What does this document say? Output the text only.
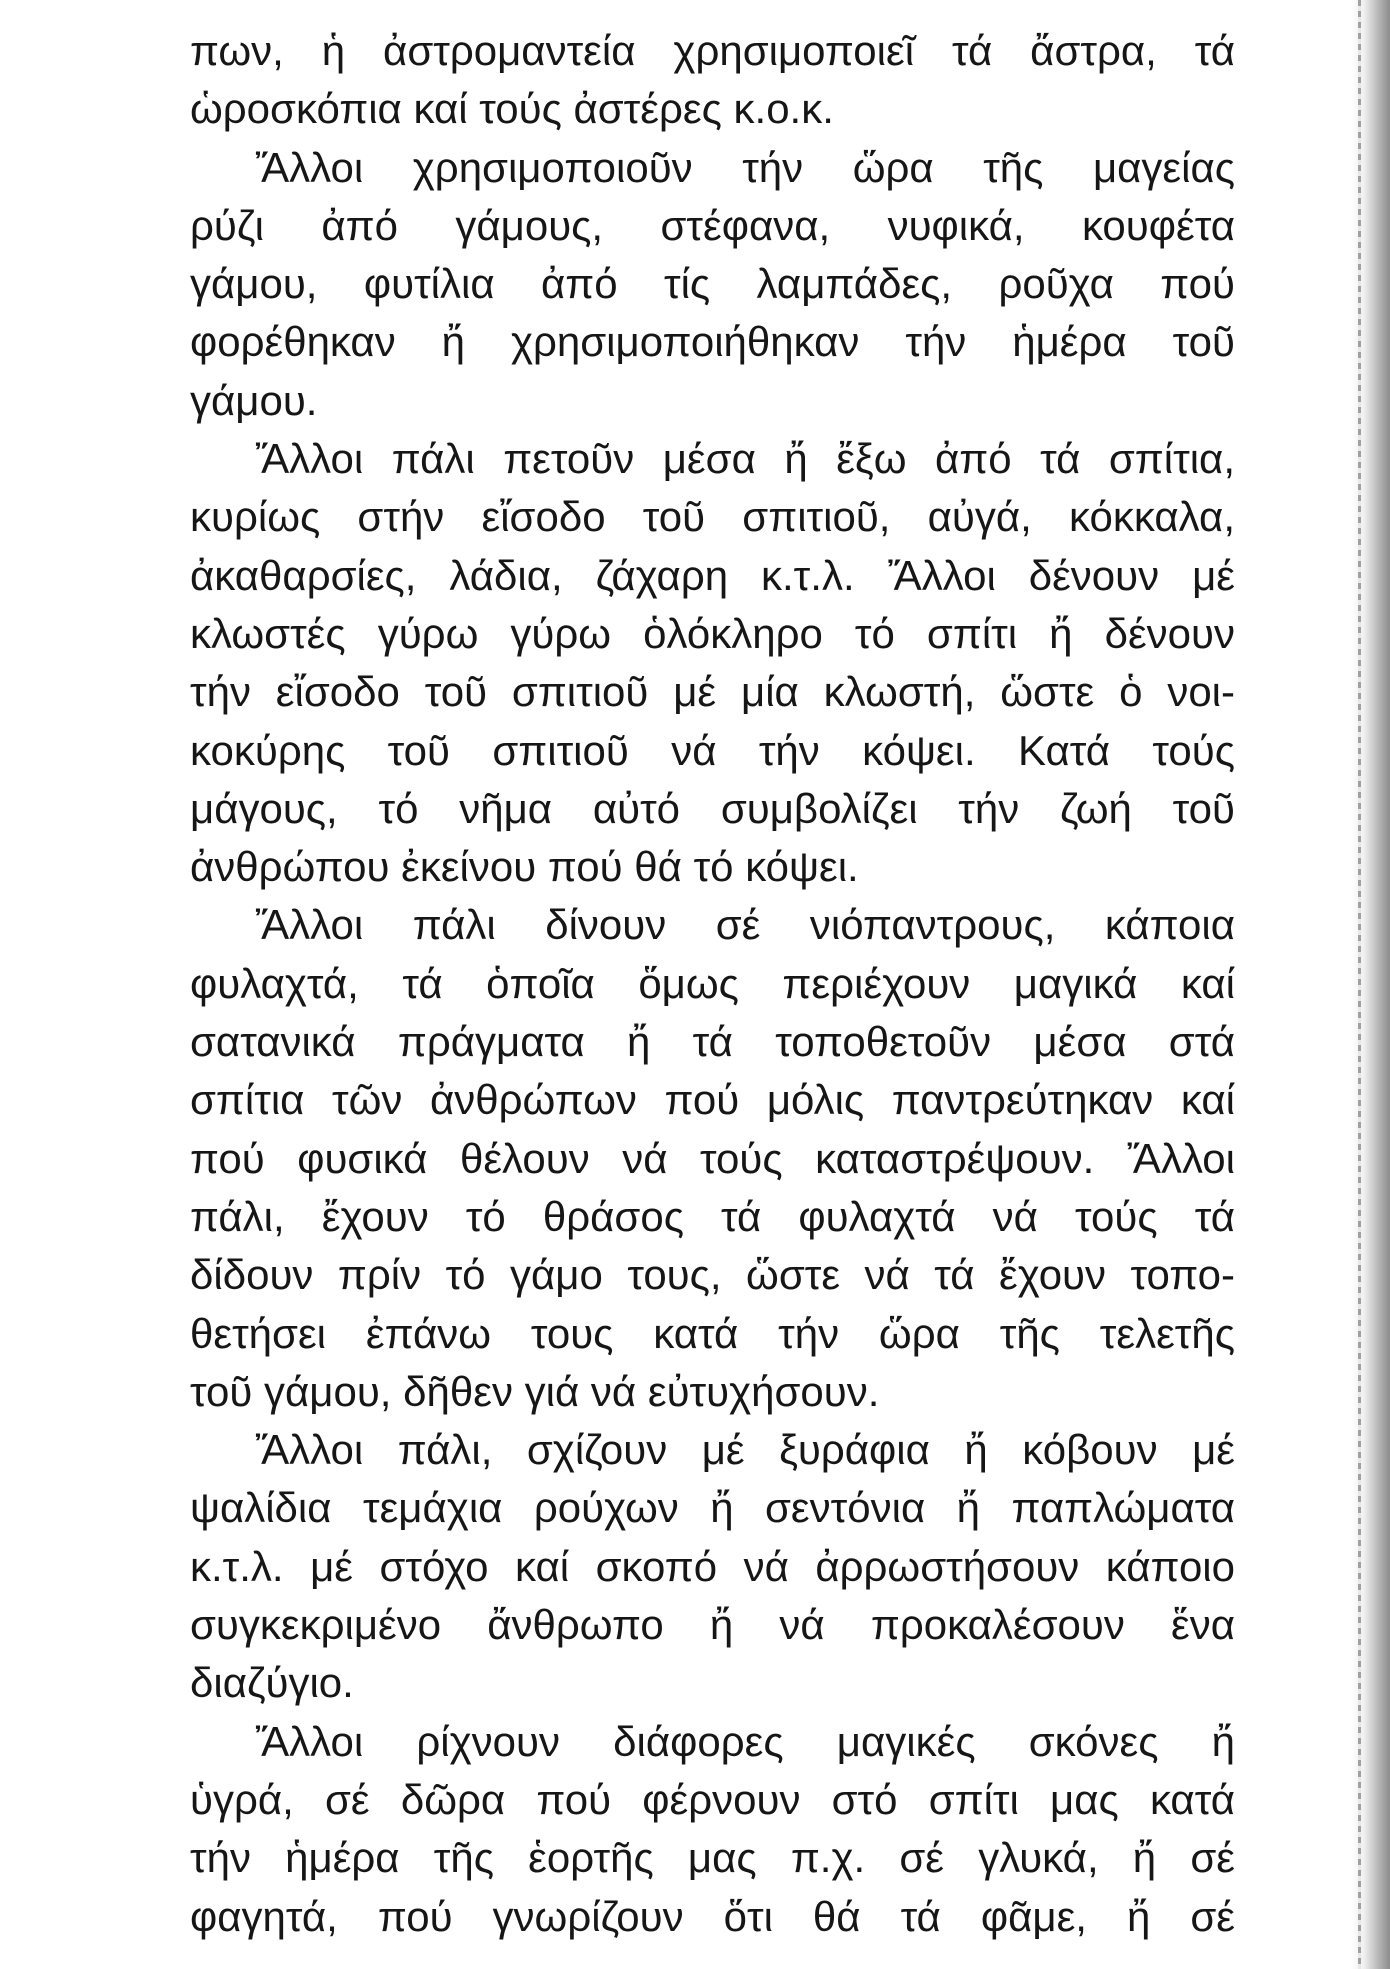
πων, ἡ ἀστρομαντεία χρησιμοποιεῖ τά ἄστρα, τά
ὡροσκόπια καί τούς ἀστέρες κ.ο.κ.

Ἄλλοι χρησιμοποιοῦν τήν ὥρα τῆς μαγείας
ρύζι ἀπό γάμους, στέφανα, νυφικά, κουφέτα
γάμου, φυτίλια ἀπό τίς λαμπάδες, ροῦχα πού
φορέθηκαν ἤ χρησιμοποιήθηκαν τήν ἡμέρα τοῦ
γάμου.

Ἄλλοι πάλι πετοῦν μέσα ἤ ἔξω ἀπό τά σπίτια,
κυρίως στήν εἴσοδο τοῦ σπιτιοῦ, αὐγά, κόκκαλα,
ἀκαθαρσίες, λάδια, ζάχαρη κ.τ.λ. Ἄλλοι δένουν μέ
κλωστές γύρω γύρω ὁλόκληρο τό σπίτι ἤ δένουν
τήν εἴσοδο τοῦ σπιτιοῦ μέ μία κλωστή, ὥστε ὁ νοι-
κοκύρης τοῦ σπιτιοῦ νά τήν κόψει. Κατά τούς
μάγους, τό νῆμα αὐτό συμβολίζει τήν ζωή τοῦ
ἀνθρώπου ἐκείνου πού θά τό κόψει.

Ἄλλοι πάλι δίνουν σέ νιόπαντρους, κάποια
φυλαχτά, τά ὁποῖα ὅμως περιέχουν μαγικά καί
σατανικά πράγματα ἤ τά τοποθετοῦν μέσα στά
σπίτια τῶν ἀνθρώπων πού μόλις παντρεύτηκαν καί
πού φυσικά θέλουν νά τούς καταστρέψουν. Ἄλλοι
πάλι, ἔχουν τό θράσος τά φυλαχτά νά τούς τά
δίδουν πρίν τό γάμο τους, ὥστε νά τά ἔχουν τοπο-
θετήσει ἐπάνω τους κατά τήν ὥρα τῆς τελετῆς
τοῦ γάμου, δῆθεν γιά νά εὐτυχήσουν.

Ἄλλοι πάλι, σχίζουν μέ ξυράφια ἤ κόβουν μέ
ψαλίδια τεμάχια ρούχων ἤ σεντόνια ἤ παπλώματα
κ.τ.λ. μέ στόχο καί σκοπό νά ἀρρωστήσουν κάποιο
συγκεκριμένο ἄνθρωπο ἤ νά προκαλέσουν ἕνα
διαζύγιο.

Ἄλλοι ρίχνουν διάφορες μαγικές σκόνες ἤ
ὑγρά, σέ δῶρα πού φέρνουν στό σπίτι μας κατά
τήν ἡμέρα τῆς ἑορτῆς μας π.χ. σέ γλυκά, ἤ σέ
φαγητά, πού γνωρίζουν ὅτι θά τά φᾶμε, ἤ σέ
